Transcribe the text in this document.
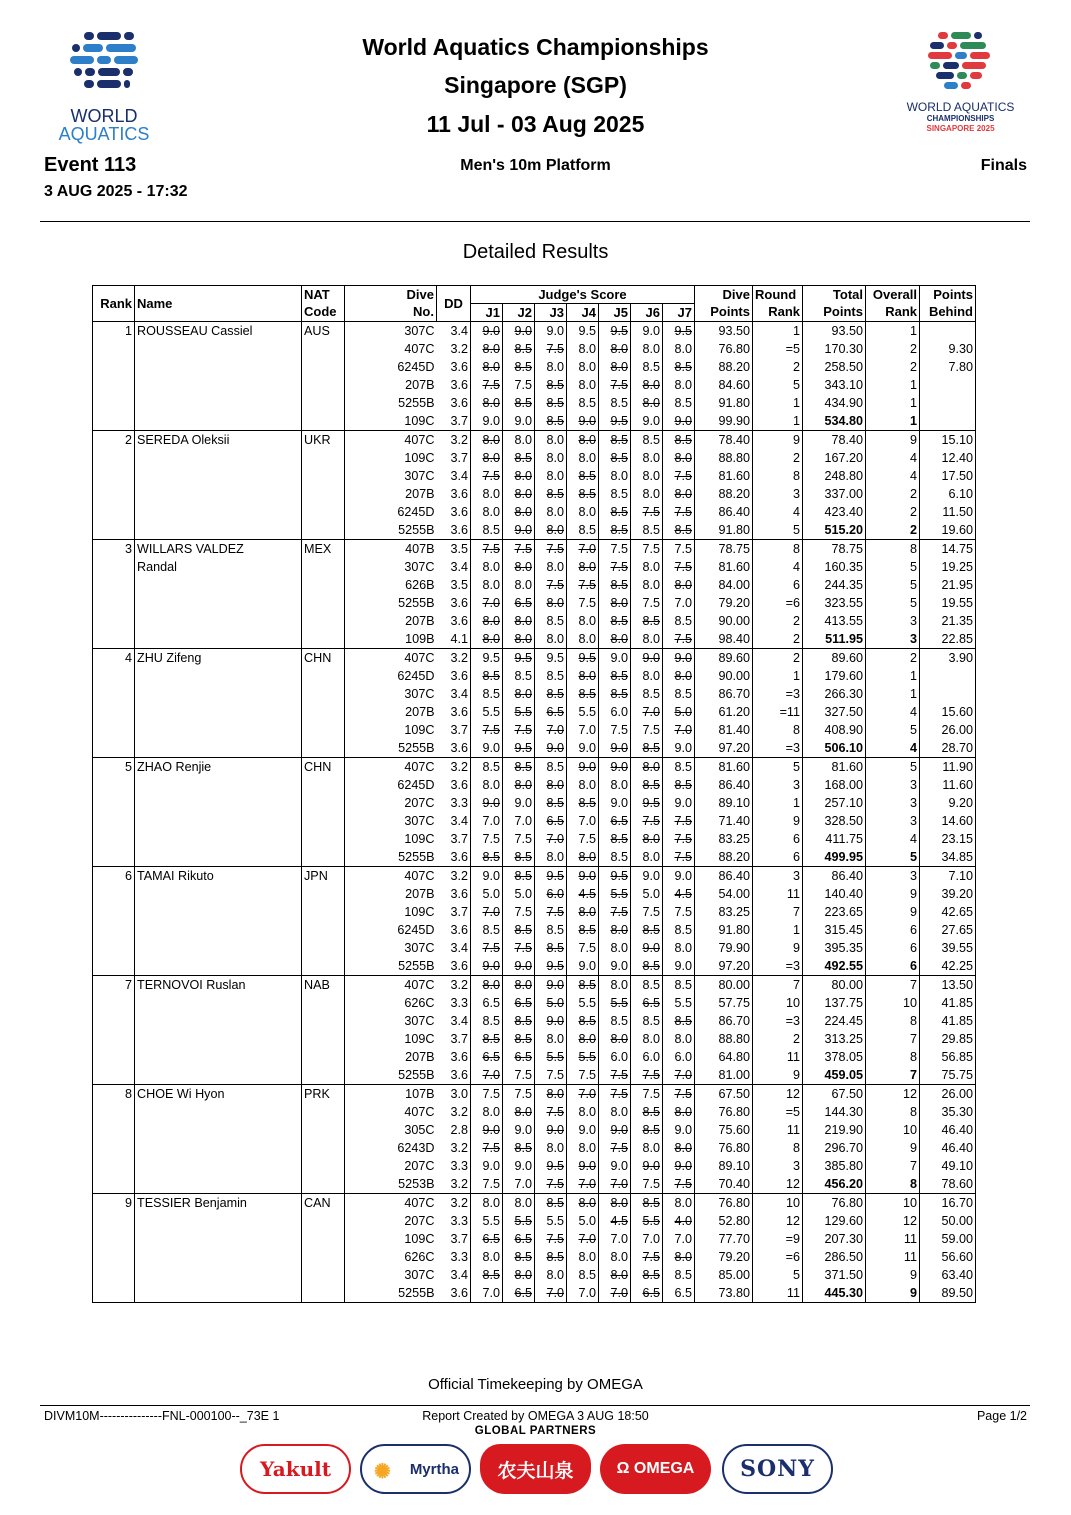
WORLD
AQUATICS
WORLD AQUATICS
CHAMPIONSHIPS
SINGAPORE 2025
World Aquatics Championships
Singapore (SGP)
11 Jul - 03 Aug 2025
Event 113
3 AUG 2025 - 17:32
Men's 10m Platform	Finals
Detailed Results
Rank	Name	NAT	Dive	DD	Judge's Score							Dive	Round	Total	Overall	Points
		Code	No.		J1	J2	J3	J4	J5	J6	J7	Points	Rank	Points	Rank	Behind
1	ROUSSEAU Cassiel	AUS	307C	3.4	9.0	9.0	9.0	9.5	9.5	9.0	9.5	93.50	1	93.50	1	
			407C	3.2	8.0	8.5	7.5	8.0	8.0	8.0	8.0	76.80	=5	170.30	2	9.30
			6245D	3.6	8.0	8.5	8.0	8.0	8.0	8.5	8.5	88.20	2	258.50	2	7.80
			207B	3.6	7.5	7.5	8.5	8.0	7.5	8.0	8.0	84.60	5	343.10	1	
			5255B	3.6	8.0	8.5	8.5	8.5	8.5	8.0	8.5	91.80	1	434.90	1	
			109C	3.7	9.0	9.0	8.5	9.0	9.5	9.0	9.0	99.90	1	534.80	1	
2	SEREDA Oleksii	UKR	407C	3.2	8.0	8.0	8.0	8.0	8.5	8.5	8.5	78.40	9	78.40	9	15.10
			109C	3.7	8.0	8.5	8.0	8.0	8.5	8.0	8.0	88.80	2	167.20	4	12.40
			307C	3.4	7.5	8.0	8.0	8.5	8.0	8.0	7.5	81.60	8	248.80	4	17.50
			207B	3.6	8.0	8.0	8.5	8.5	8.5	8.0	8.0	88.20	3	337.00	2	6.10
			6245D	3.6	8.0	8.0	8.0	8.0	8.5	7.5	7.5	86.40	4	423.40	2	11.50
			5255B	3.6	8.5	9.0	8.0	8.5	8.5	8.5	8.5	91.80	5	515.20	2	19.60
3	WILLARS VALDEZ	MEX	407B	3.5	7.5	7.5	7.5	7.0	7.5	7.5	7.5	78.75	8	78.75	8	14.75
	Randal		307C	3.4	8.0	8.0	8.0	8.0	7.5	8.0	7.5	81.60	4	160.35	5	19.25
			626B	3.5	8.0	8.0	7.5	7.5	8.5	8.0	8.0	84.00	6	244.35	5	21.95
			5255B	3.6	7.0	6.5	8.0	7.5	8.0	7.5	7.0	79.20	=6	323.55	5	19.55
			207B	3.6	8.0	8.0	8.5	8.0	8.5	8.5	8.5	90.00	2	413.55	3	21.35
			109B	4.1	8.0	8.0	8.0	8.0	8.0	8.0	7.5	98.40	2	511.95	3	22.85
4	ZHU Zifeng	CHN	407C	3.2	9.5	9.5	9.5	9.5	9.0	9.0	9.0	89.60	2	89.60	2	3.90
			6245D	3.6	8.5	8.5	8.5	8.0	8.5	8.0	8.0	90.00	1	179.60	1	
			307C	3.4	8.5	8.0	8.5	8.5	8.5	8.5	8.5	86.70	=3	266.30	1	
			207B	3.6	5.5	5.5	6.5	5.5	6.0	7.0	5.0	61.20	=11	327.50	4	15.60
			109C	3.7	7.5	7.5	7.0	7.0	7.5	7.5	7.0	81.40	8	408.90	5	26.00
			5255B	3.6	9.0	9.5	9.0	9.0	9.0	8.5	9.0	97.20	=3	506.10	4	28.70
5	ZHAO Renjie	CHN	407C	3.2	8.5	8.5	8.5	9.0	9.0	8.0	8.5	81.60	5	81.60	5	11.90
			6245D	3.6	8.0	8.0	8.0	8.0	8.0	8.5	8.5	86.40	3	168.00	3	11.60
			207C	3.3	9.0	9.0	8.5	8.5	9.0	9.5	9.0	89.10	1	257.10	3	9.20
			307C	3.4	7.0	7.0	6.5	7.0	6.5	7.5	7.5	71.40	9	328.50	3	14.60
			109C	3.7	7.5	7.5	7.0	7.5	8.5	8.0	7.5	83.25	6	411.75	4	23.15
			5255B	3.6	8.5	8.5	8.0	8.0	8.5	8.0	7.5	88.20	6	499.95	5	34.85
6	TAMAI Rikuto	JPN	407C	3.2	9.0	8.5	9.5	9.0	9.5	9.0	9.0	86.40	3	86.40	3	7.10
			207B	3.6	5.0	5.0	6.0	4.5	5.5	5.0	4.5	54.00	11	140.40	9	39.20
			109C	3.7	7.0	7.5	7.5	8.0	7.5	7.5	7.5	83.25	7	223.65	9	42.65
			6245D	3.6	8.5	8.5	8.5	8.5	8.0	8.5	8.5	91.80	1	315.45	6	27.65
			307C	3.4	7.5	7.5	8.5	7.5	8.0	9.0	8.0	79.90	9	395.35	6	39.55
			5255B	3.6	9.0	9.0	9.5	9.0	9.0	8.5	9.0	97.20	=3	492.55	6	42.25
7	TERNOVOI Ruslan	NAB	407C	3.2	8.0	8.0	9.0	8.5	8.0	8.5	8.5	80.00	7	80.00	7	13.50
			626C	3.3	6.5	6.5	5.0	5.5	5.5	6.5	5.5	57.75	10	137.75	10	41.85
			307C	3.4	8.5	8.5	9.0	8.5	8.5	8.5	8.5	86.70	=3	224.45	8	41.85
			109C	3.7	8.5	8.5	8.0	8.0	8.0	8.0	8.0	88.80	2	313.25	7	29.85
			207B	3.6	6.5	6.5	5.5	5.5	6.0	6.0	6.0	64.80	11	378.05	8	56.85
			5255B	3.6	7.0	7.5	7.5	7.5	7.5	7.5	7.0	81.00	9	459.05	7	75.75
8	CHOE Wi Hyon	PRK	107B	3.0	7.5	7.5	8.0	7.0	7.5	7.5	7.5	67.50	12	67.50	12	26.00
			407C	3.2	8.0	8.0	7.5	8.0	8.0	8.5	8.0	76.80	=5	144.30	8	35.30
			305C	2.8	9.0	9.0	9.0	9.0	9.0	8.5	9.0	75.60	11	219.90	10	46.40
			6243D	3.2	7.5	8.5	8.0	8.0	7.5	8.0	8.0	76.80	8	296.70	9	46.40
			207C	3.3	9.0	9.0	9.5	9.0	9.0	9.0	9.0	89.10	3	385.80	7	49.10
			5253B	3.2	7.5	7.0	7.5	7.0	7.0	7.5	7.5	70.40	12	456.20	8	78.60
9	TESSIER Benjamin	CAN	407C	3.2	8.0	8.0	8.5	8.0	8.0	8.5	8.0	76.80	10	76.80	10	16.70
			207C	3.3	5.5	5.5	5.5	5.0	4.5	5.5	4.0	52.80	12	129.60	12	50.00
			109C	3.7	6.5	6.5	7.5	7.0	7.0	7.0	7.0	77.70	=9	207.30	11	59.00
			626C	3.3	8.0	8.5	8.5	8.0	8.0	7.5	8.0	79.20	=6	286.50	11	56.60
			307C	3.4	8.5	8.0	8.0	8.5	8.0	8.5	8.5	85.00	5	371.50	9	63.40
			5255B	3.6	7.0	6.5	7.0	7.0	7.0	6.5	6.5	73.80	11	445.30	9	89.50
Official Timekeeping by OMEGA
DIVM10M---------------FNL-000100--_73E 1	Report Created by OMEGA 3 AUG 18:50	Page 1/2
GLOBAL PARTNERS
Yakult	✺ Myrtha	农夫山泉	Ω OMEGA	SONY
